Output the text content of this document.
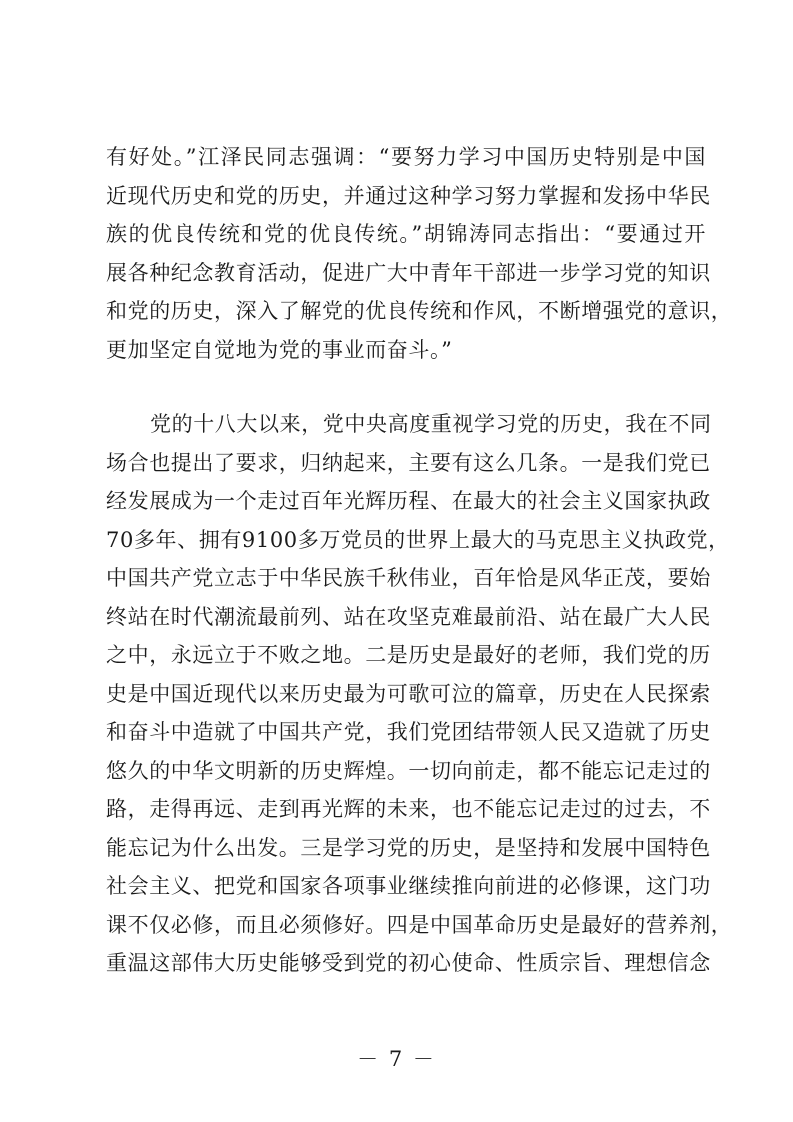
有好处。”江泽民同志强调：“要努力学习中国历史特别是中国
近现代历史和党的历史，并通过这种学习努力掌握和发扬中华民
族的优良传统和党的优良传统。”胡锦涛同志指出：“要通过开
展各种纪念教育活动，促进广大中青年干部进一步学习党的知识
和党的历史，深入了解党的优良传统和作风，不断增强党的意识，
更加坚定自觉地为党的事业而奋斗。”
党的十八大以来，党中央高度重视学习党的历史，我在不同
场合也提出了要求，归纳起来，主要有这么几条。一是我们党已
经发展成为一个走过百年光辉历程、在最大的社会主义国家执政
70多年、拥有9100多万党员的世界上最大的马克思主义执政党，
中国共产党立志于中华民族千秋伟业，百年恰是风华正茂，要始
终站在时代潮流最前列、站在攻坚克难最前沿、站在最广大人民
之中，永远立于不败之地。二是历史是最好的老师，我们党的历
史是中国近现代以来历史最为可歌可泣的篇章，历史在人民探索
和奋斗中造就了中国共产党，我们党团结带领人民又造就了历史
悠久的中华文明新的历史辉煌。一切向前走，都不能忘记走过的
路，走得再远、走到再光辉的未来，也不能忘记走过的过去，不
能忘记为什么出发。三是学习党的历史，是坚持和发展中国特色
社会主义、把党和国家各项事业继续推向前进的必修课，这门功
课不仅必修，而且必须修好。四是中国革命历史是最好的营养剂，
重温这部伟大历史能够受到党的初心使命、性质宗旨、理想信念
－ 7 －
